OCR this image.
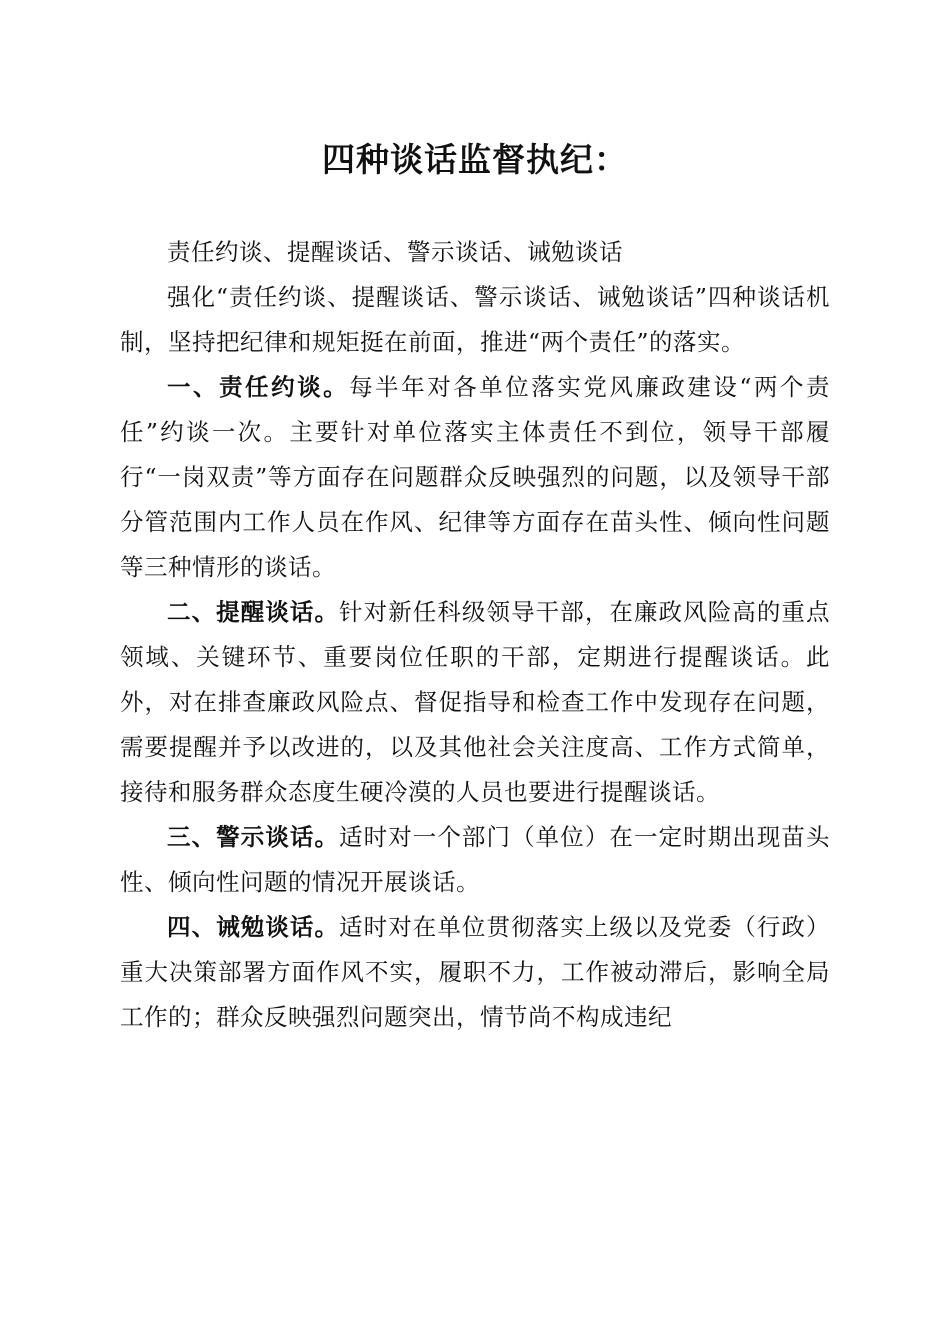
四种谈话监督执纪：

责任约谈、提醒谈话、警示谈话、诫勉谈话

强化“责任约谈、提醒谈话、警示谈话、诫勉谈话”四种谈话机制，坚持把纪律和规矩挺在前面，推进“两个责任”的落实。

一、责任约谈。每半年对各单位落实党风廉政建设“两个责任”约谈一次。主要针对单位落实主体责任不到位，领导干部履行“一岗双责”等方面存在问题群众反映强烈的问题，以及领导干部分管范围内工作人员在作风、纪律等方面存在苗头性、倾向性问题等三种情形的谈话。

二、提醒谈话。针对新任科级领导干部，在廉政风险高的重点领域、关键环节、重要岗位任职的干部，定期进行提醒谈话。此外，对在排查廉政风险点、督促指导和检查工作中发现存在问题，需要提醒并予以改进的，以及其他社会关注度高、工作方式简单，接待和服务群众态度生硬冷漠的人员也要进行提醒谈话。

三、警示谈话。适时对一个部门（单位）在一定时期出现苗头性、倾向性问题的情况开展谈话。

四、诫勉谈话。适时对在单位贯彻落实上级以及党委（行政）重大决策部署方面作风不实，履职不力，工作被动滞后，影响全局工作的；群众反映强烈问题突出，情节尚不构成违纪
